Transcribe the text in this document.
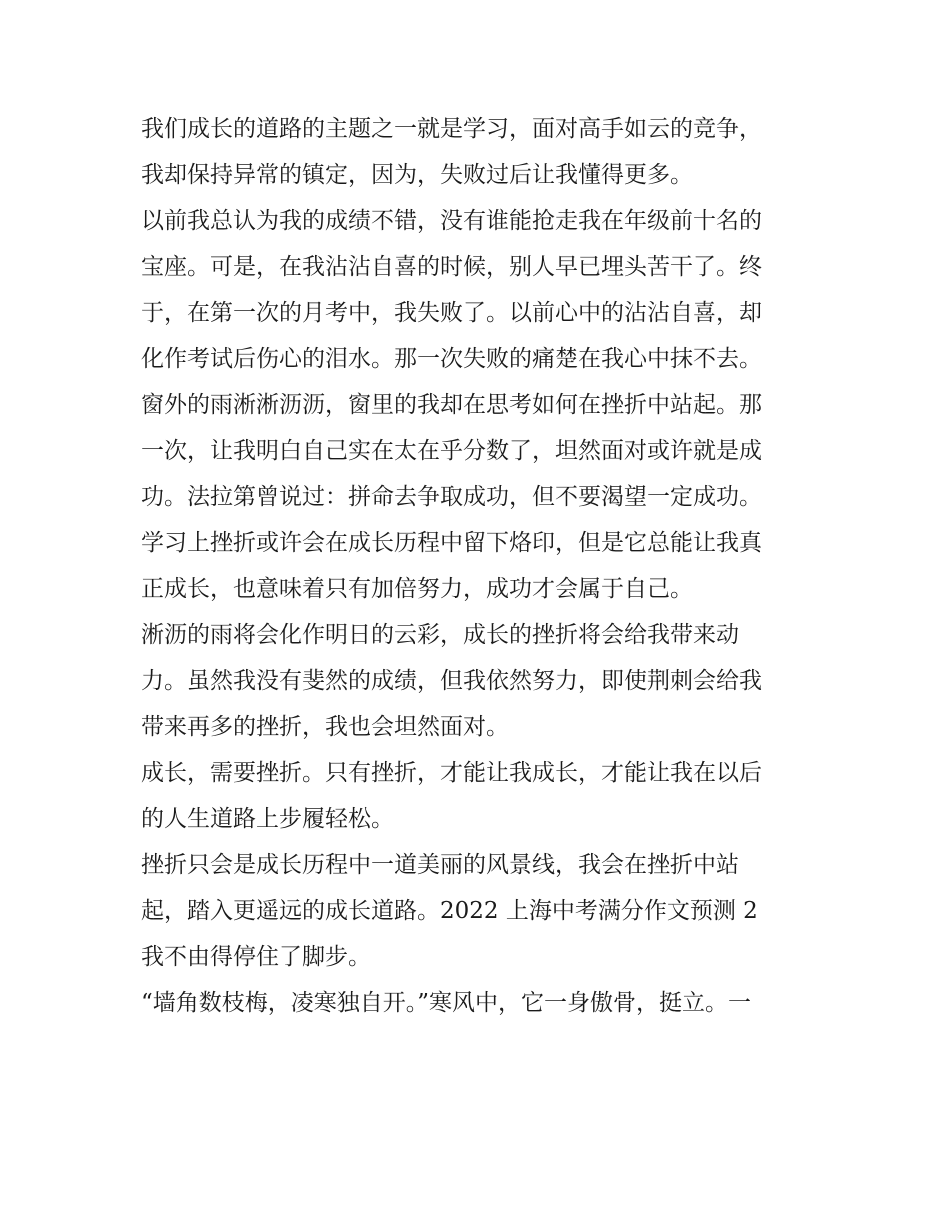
我们成长的道路的主题之一就是学习，面对高手如云的竞争，
我却保持异常的镇定，因为，失败过后让我懂得更多。
以前我总认为我的成绩不错，没有谁能抢走我在年级前十名的
宝座。可是，在我沾沾自喜的时候，别人早已埋头苦干了。终
于，在第一次的月考中，我失败了。以前心中的沾沾自喜，却
化作考试后伤心的泪水。那一次失败的痛楚在我心中抹不去。
窗外的雨淅淅沥沥，窗里的我却在思考如何在挫折中站起。那
一次，让我明白自己实在太在乎分数了，坦然面对或许就是成
功。法拉第曾说过：拼命去争取成功，但不要渴望一定成功。
学习上挫折或许会在成长历程中留下烙印，但是它总能让我真
正成长，也意味着只有加倍努力，成功才会属于自己。
淅沥的雨将会化作明日的云彩，成长的挫折将会给我带来动
力。虽然我没有斐然的成绩，但我依然努力，即使荆刺会给我
带来再多的挫折，我也会坦然面对。
成长，需要挫折。只有挫折，才能让我成长，才能让我在以后
的人生道路上步履轻松。
挫折只会是成长历程中一道美丽的风景线，我会在挫折中站
起，踏入更遥远的成长道路。2022 上海中考满分作文预测 2
我不由得停住了脚步。
“墙角数枝梅，凌寒独自开。”寒风中，它一身傲骨，挺立。一
